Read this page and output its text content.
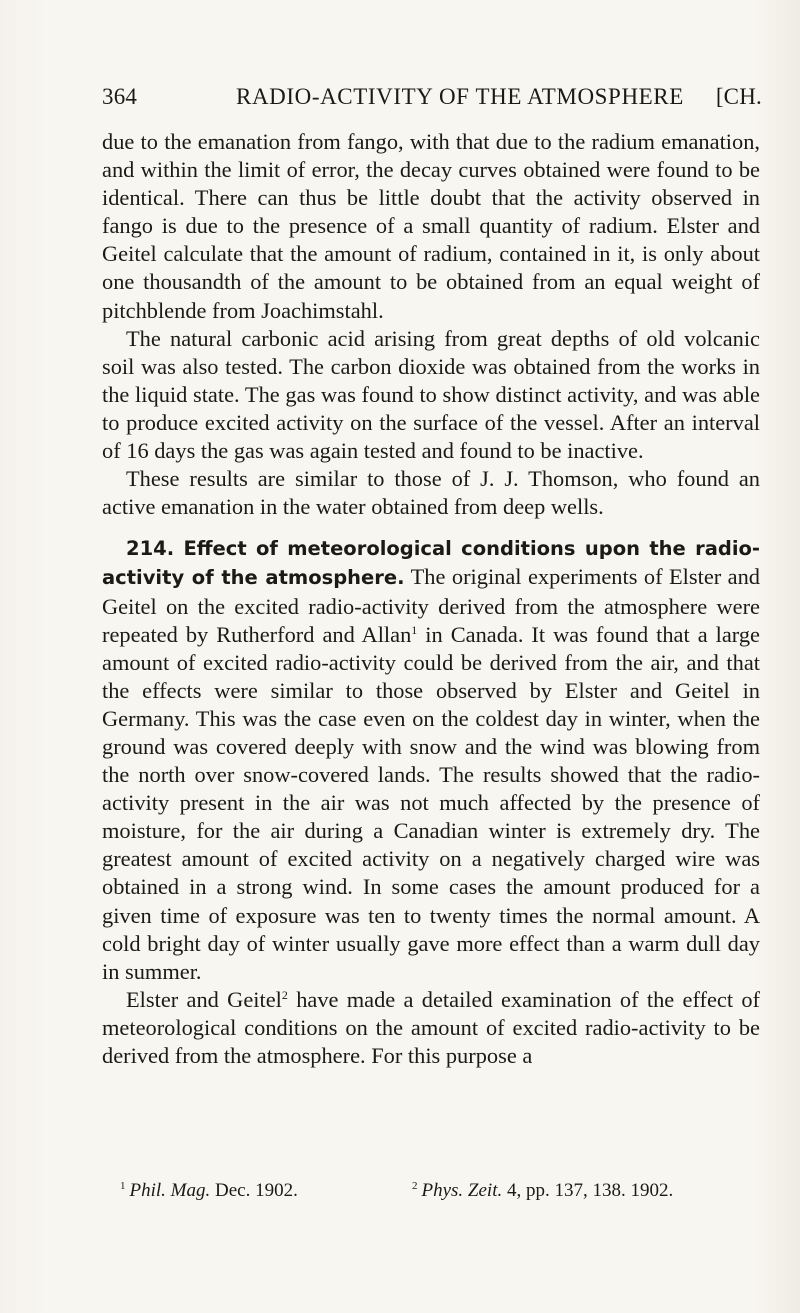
364	RADIO-ACTIVITY OF THE ATMOSPHERE [CH.

due to the emanation from fango, with that due to the radium emanation, and within the limit of error, the decay curves obtained were found to be identical. There can thus be little doubt that the activity observed in fango is due to the presence of a small quantity of radium. Elster and Geitel calculate that the amount of radium, contained in it, is only about one thousandth of the amount to be obtained from an equal weight of pitchblende from Joachimstahl.

The natural carbonic acid arising from great depths of old volcanic soil was also tested. The carbon dioxide was obtained from the works in the liquid state. The gas was found to show distinct activity, and was able to produce excited activity on the surface of the vessel. After an interval of 16 days the gas was again tested and found to be inactive.

These results are similar to those of J. J. Thomson, who found an active emanation in the water obtained from deep wells.

214. Effect of meteorological conditions upon the radio-activity of the atmosphere. The original experiments of Elster and Geitel on the excited radio-activity derived from the atmosphere were repeated by Rutherford and Allan$^1$ in Canada. It was found that a large amount of excited radio-activity could be derived from the air, and that the effects were similar to those observed by Elster and Geitel in Germany. This was the case even on the coldest day in winter, when the ground was covered deeply with snow and the wind was blowing from the north over snow-covered lands. The results showed that the radio-activity present in the air was not much affected by the presence of moisture, for the air during a Canadian winter is extremely dry. The greatest amount of excited activity on a negatively charged wire was obtained in a strong wind. In some cases the amount produced for a given time of exposure was ten to twenty times the normal amount. A cold bright day of winter usually gave more effect than a warm dull day in summer.

Elster and Geitel$^2$ have made a detailed examination of the effect of meteorological conditions on the amount of excited radio-activity to be derived from the atmosphere. For this purpose a

$^1$ Phil. Mag. Dec. 1902.	$^2$ Phys. Zeit. 4, pp. 137, 138. 1902.
